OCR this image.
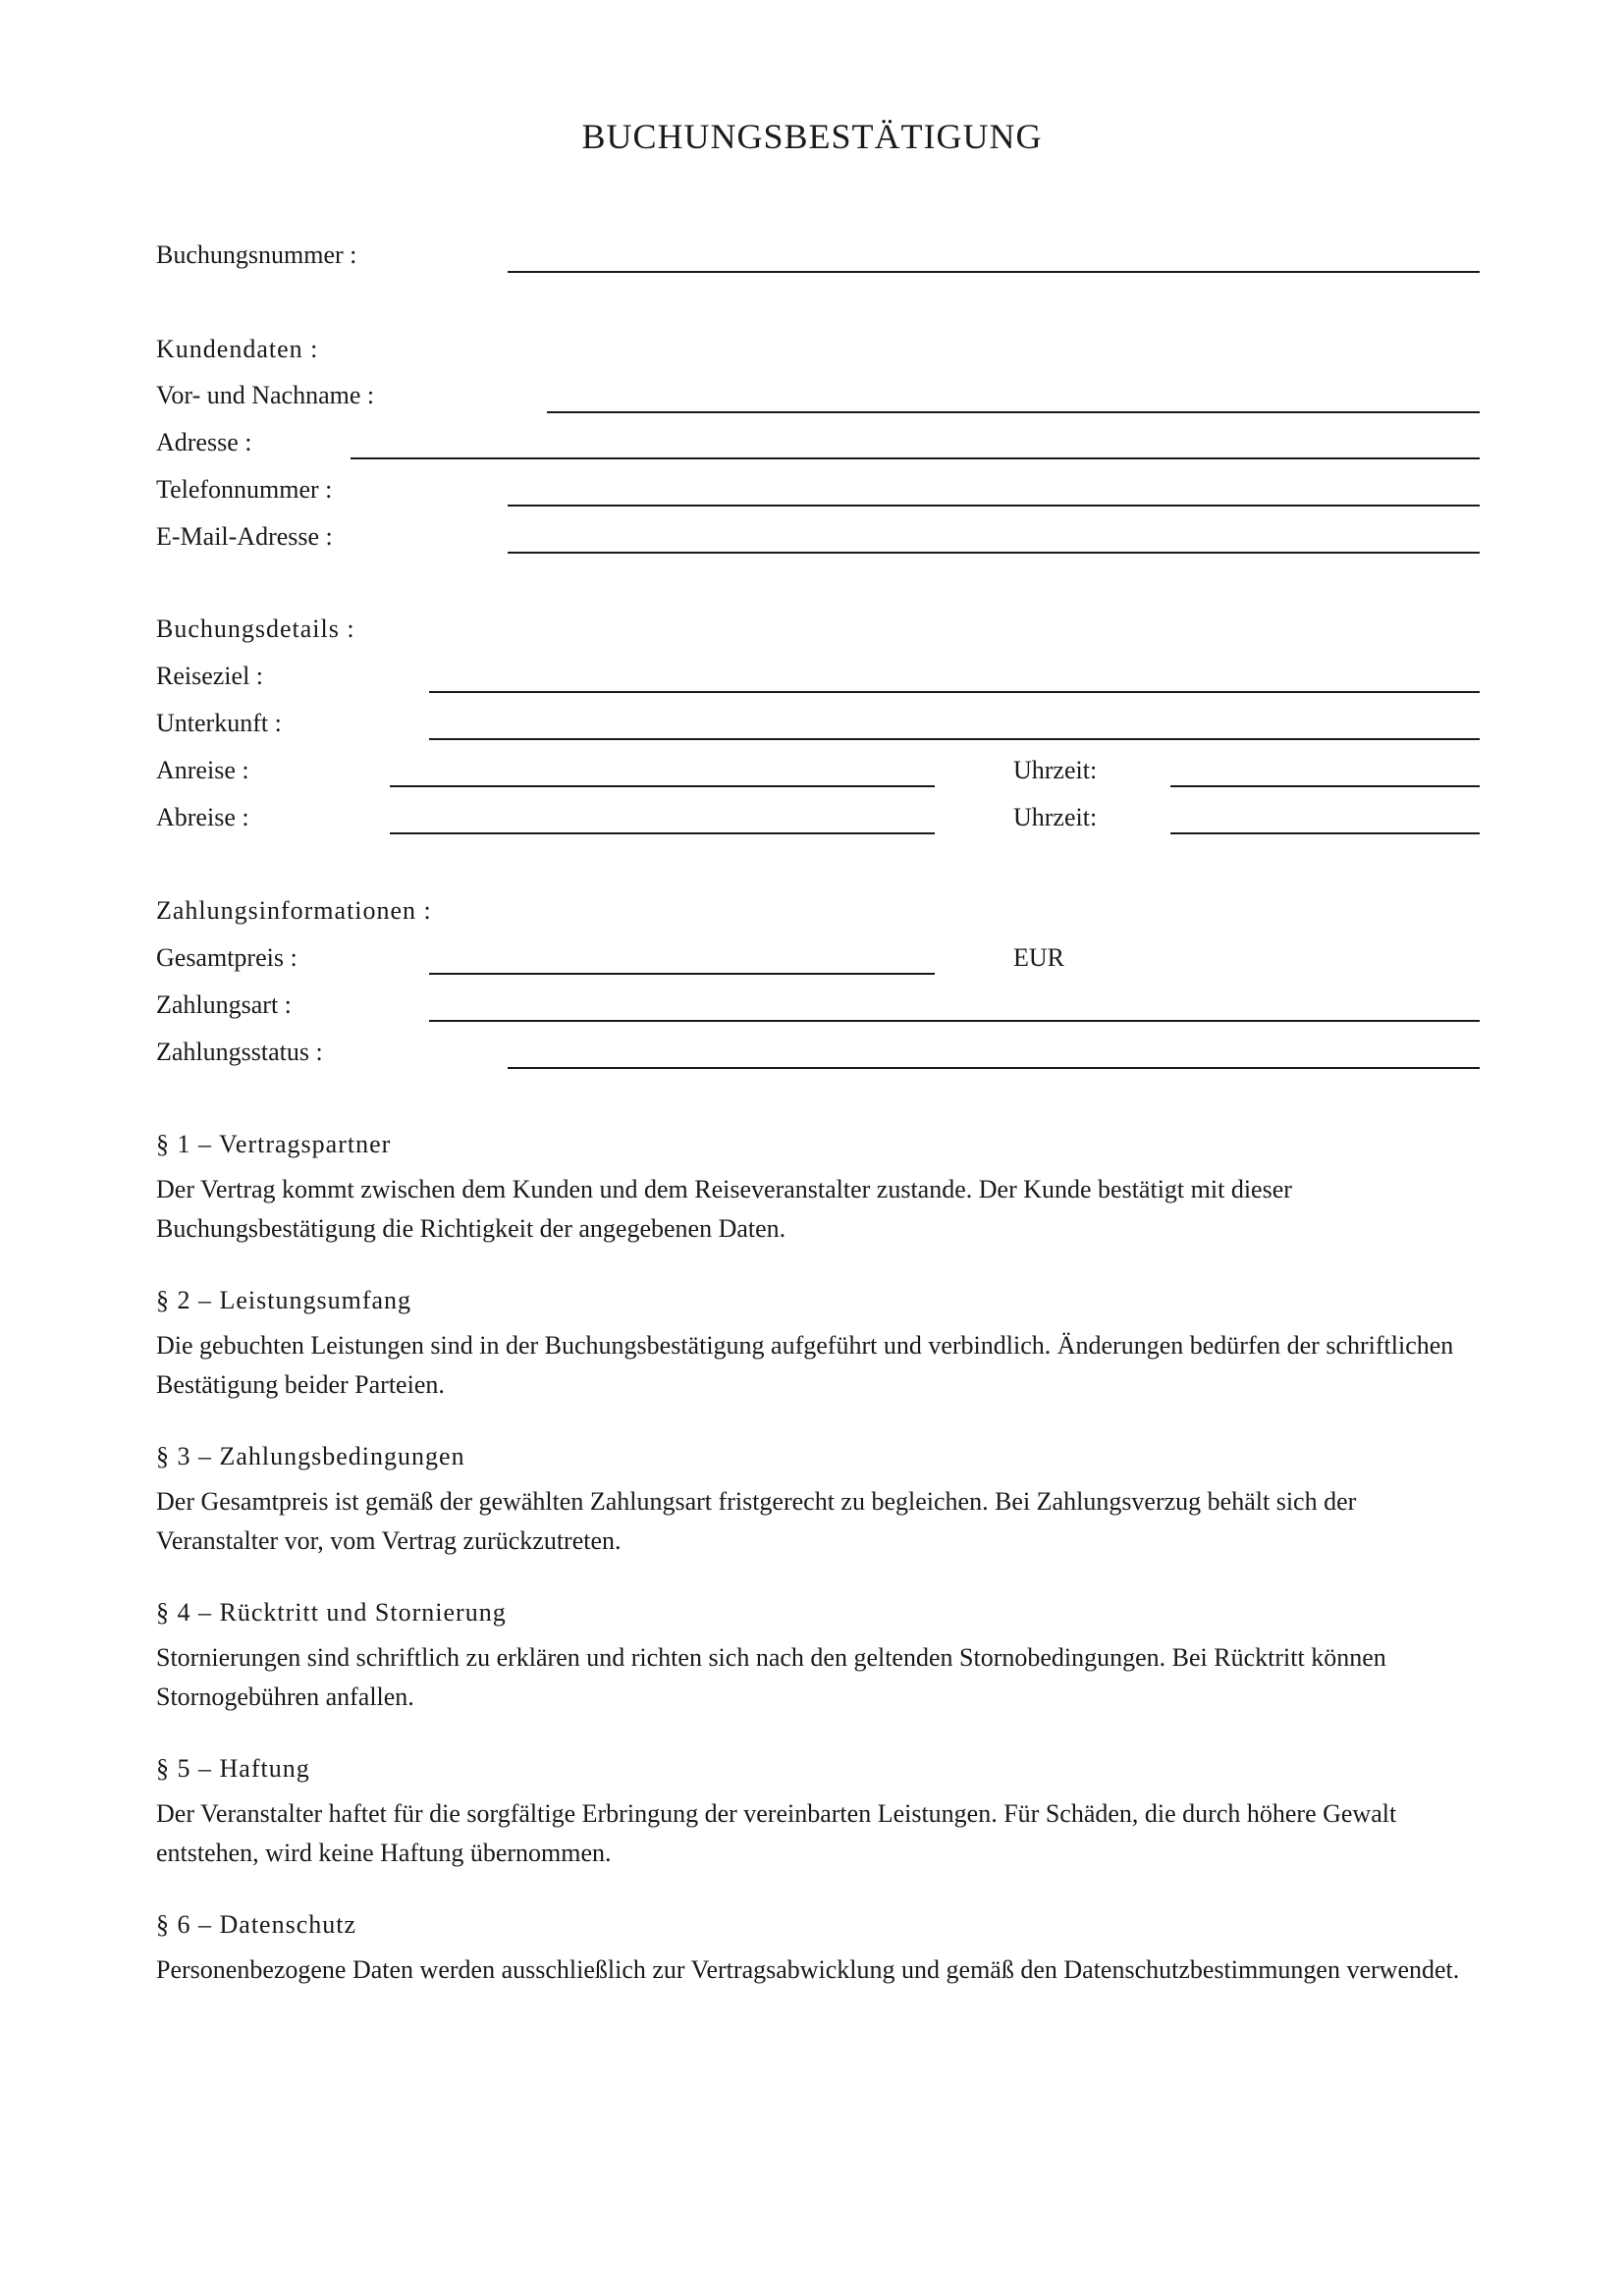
BUCHUNGSBESTÄTIGUNG
Buchungsnummer :
Kundendaten :
Vor- und Nachname :
Adresse :
Telefonnummer :
E-Mail-Adresse :
Buchungsdetails :
Reiseziel :
Unterkunft :
Anreise :	Uhrzeit:
Abreise :	Uhrzeit:
Zahlungsinformationen :
Gesamtpreis :	EUR
Zahlungsart :
Zahlungsstatus :
§ 1 – Vertragspartner
Der Vertrag kommt zwischen dem Kunden und dem Reiseveranstalter zustande. Der Kunde bestätigt mit dieser Buchungsbestätigung die Richtigkeit der angegebenen Daten.
§ 2 – Leistungsumfang
Die gebuchten Leistungen sind in der Buchungsbestätigung aufgeführt und verbindlich. Änderungen bedürfen der schriftlichen Bestätigung beider Parteien.
§ 3 – Zahlungsbedingungen
Der Gesamtpreis ist gemäß der gewählten Zahlungsart fristgerecht zu begleichen. Bei Zahlungsverzug behält sich der Veranstalter vor, vom Vertrag zurückzutreten.
§ 4 – Rücktritt und Stornierung
Stornierungen sind schriftlich zu erklären und richten sich nach den geltenden Stornobedingungen. Bei Rücktritt können Stornogebühren anfallen.
§ 5 – Haftung
Der Veranstalter haftet für die sorgfältige Erbringung der vereinbarten Leistungen. Für Schäden, die durch höhere Gewalt entstehen, wird keine Haftung übernommen.
§ 6 – Datenschutz
Personenbezogene Daten werden ausschließlich zur Vertragsabwicklung und gemäß den Datenschutzbestimmungen verwendet.
